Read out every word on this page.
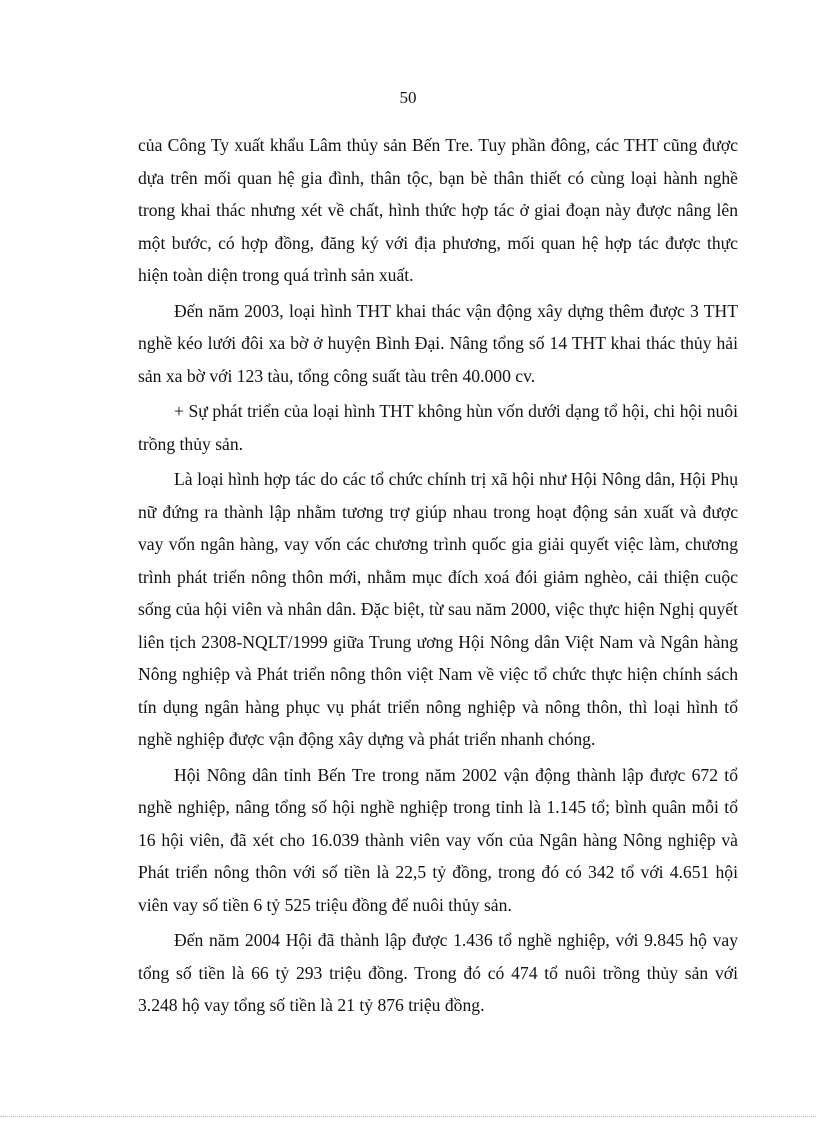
50

của Công Ty xuất khẩu Lâm thủy sản Bến Tre. Tuy phần đông, các THT cũng được dựa trên mối quan hệ gia đình, thân tộc, bạn bè thân thiết có cùng loại hành nghề trong khai thác nhưng xét về chất, hình thức hợp tác ở giai đoạn này được nâng lên một bước, có hợp đồng, đăng ký với địa phương, mối quan hệ hợp tác được thực hiện toàn diện trong quá trình sản xuất.

Đến năm 2003, loại hình THT khai thác vận động xây dựng thêm được 3 THT nghề kéo lưới đôi xa bờ ở huyện Bình Đại. Nâng tổng số 14 THT khai thác thủy hải sản xa bờ với 123 tàu, tổng công suất tàu trên 40.000 cv.

+ Sự phát triển của loại hình THT không hùn vốn dưới dạng tổ hội, chi hội nuôi trồng thủy sản.

Là loại hình hợp tác do các tổ chức chính trị xã hội như Hội Nông dân, Hội Phụ nữ đứng ra thành lập nhằm tương trợ giúp nhau trong hoạt động sản xuất và được vay vốn ngân hàng, vay vốn các chương trình quốc gia giải quyết việc làm, chương trình phát triển nông thôn mới, nhằm mục đích xoá đói giảm nghèo, cải thiện cuộc sống của hội viên và nhân dân. Đặc biệt, từ sau năm 2000, việc thực hiện Nghị quyết liên tịch 2308-NQLT/1999 giữa Trung ương Hội Nông dân Việt Nam và Ngân hàng Nông nghiệp và Phát triển nông thôn việt Nam về việc tổ chức thực hiện chính sách tín dụng ngân hàng phục vụ phát triển nông nghiệp và nông thôn, thì loại hình tổ nghề nghiệp được vận động xây dựng và phát triển nhanh chóng.

Hội Nông dân tỉnh Bến Tre trong năm 2002 vận động thành lập được 672 tổ nghề nghiệp, nâng tổng số hội nghề nghiệp trong tỉnh là 1.145 tổ; bình quân mỗi tổ 16 hội viên, đã xét cho 16.039 thành viên vay vốn của Ngân hàng Nông nghiệp và Phát triển nông thôn với số tiền là 22,5 tỷ đồng, trong đó có 342 tổ với 4.651 hội viên vay số tiền 6 tỷ 525 triệu đồng để nuôi thủy sản.

Đến năm 2004 Hội đã thành lập được 1.436 tổ nghề nghiệp, với 9.845 hộ vay tổng số tiền là 66 tỷ 293 triệu đồng. Trong đó có 474 tổ nuôi trồng thủy sản với 3.248 hộ vay tổng số tiền là 21 tỷ 876 triệu đồng.
